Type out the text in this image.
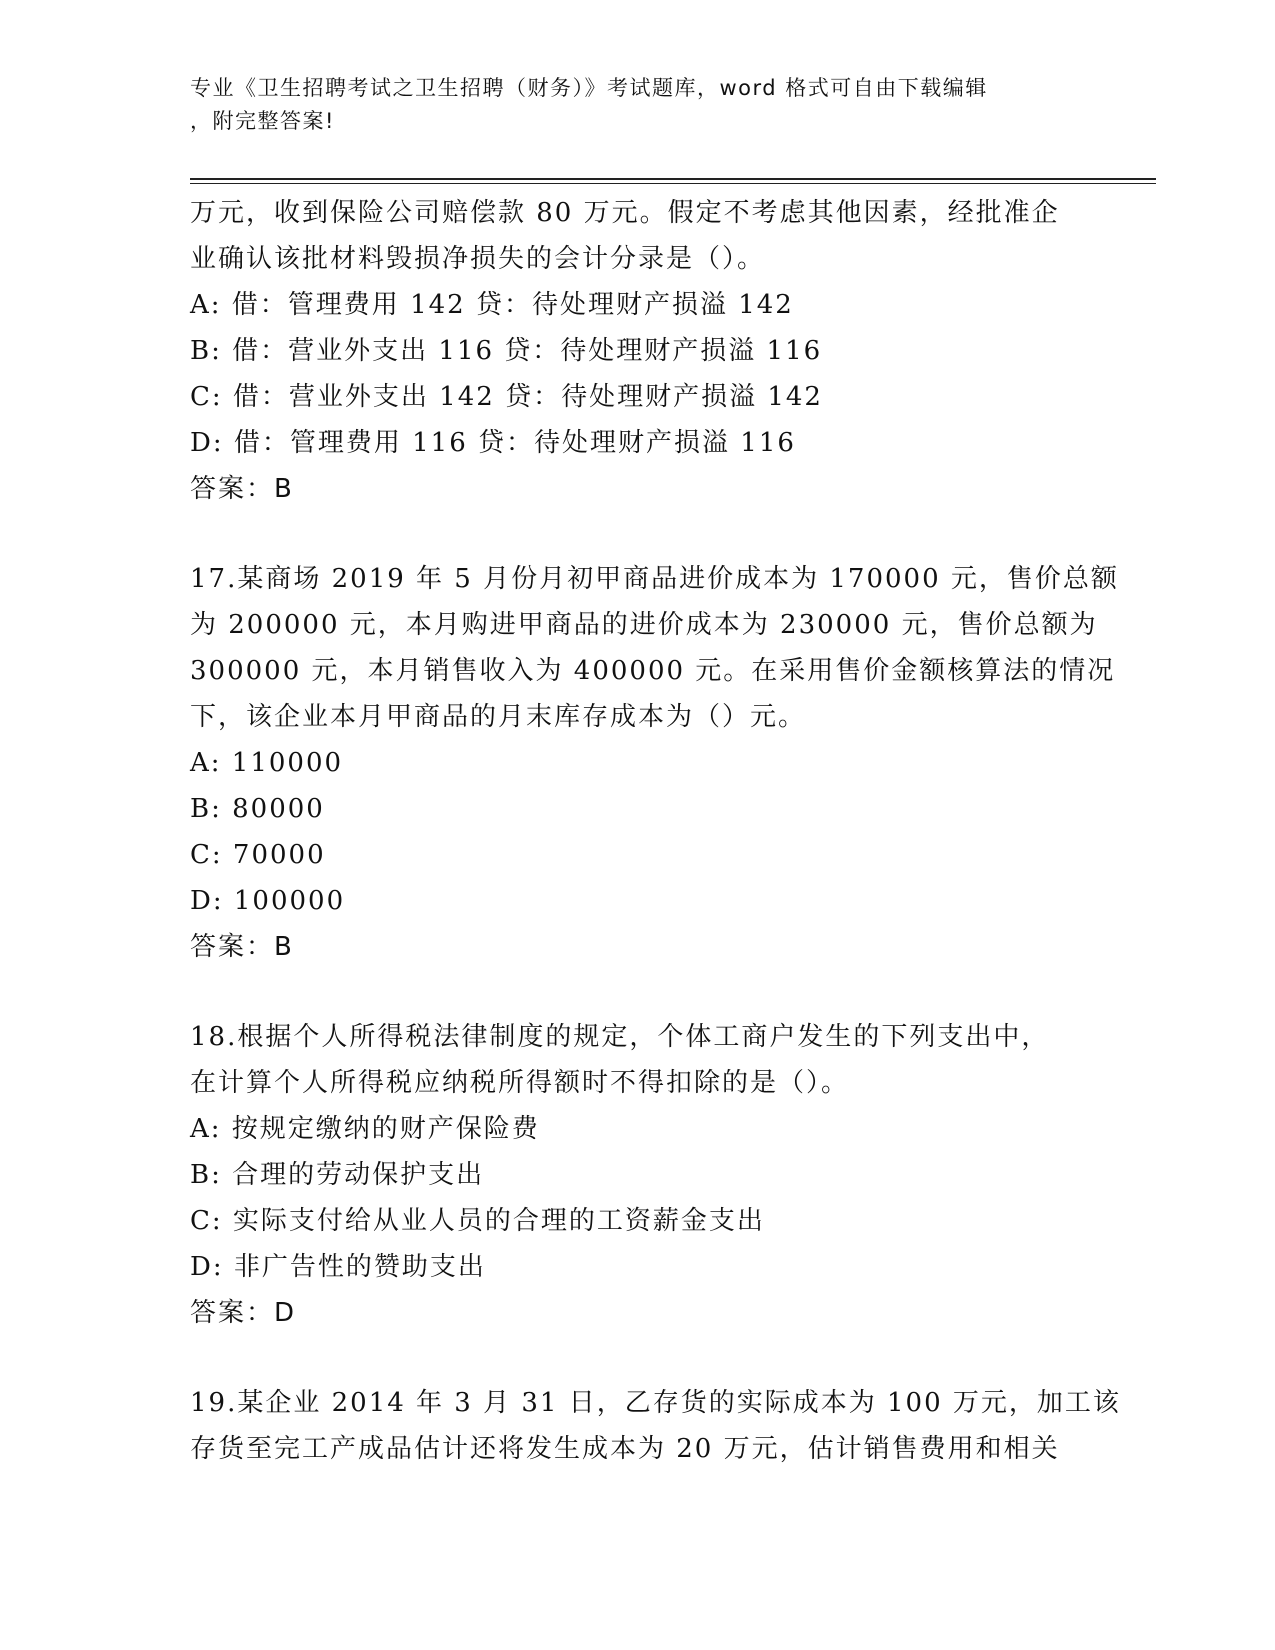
专业《卫生招聘考试之卫生招聘（财务）》考试题库，word 格式可自由下载编辑
，附完整答案!
万元，收到保险公司赔偿款 80 万元。假定不考虑其他因素，经批准企
业确认该批材料毁损净损失的会计分录是（）。
A: 借：管理费用 142 贷：待处理财产损溢 142
B: 借：营业外支出 116 贷：待处理财产损溢 116
C: 借：营业外支出 142 贷：待处理财产损溢 142
D: 借：管理费用 116 贷：待处理财产损溢 116
答案：B
17.某商场 2019 年 5 月份月初甲商品进价成本为 170000 元，售价总额
为 200000 元，本月购进甲商品的进价成本为 230000 元，售价总额为
300000 元，本月销售收入为 400000 元。在采用售价金额核算法的情况
下，该企业本月甲商品的月末库存成本为（）元。
A: 110000
B: 80000
C: 70000
D: 100000
答案：B
18.根据个人所得税法律制度的规定，个体工商户发生的下列支出中，
在计算个人所得税应纳税所得额时不得扣除的是（）。
A: 按规定缴纳的财产保险费
B: 合理的劳动保护支出
C: 实际支付给从业人员的合理的工资薪金支出
D: 非广告性的赞助支出
答案：D
19.某企业 2014 年 3 月 31 日，乙存货的实际成本为 100 万元，加工该
存货至完工产成品估计还将发生成本为 20 万元，估计销售费用和相关
